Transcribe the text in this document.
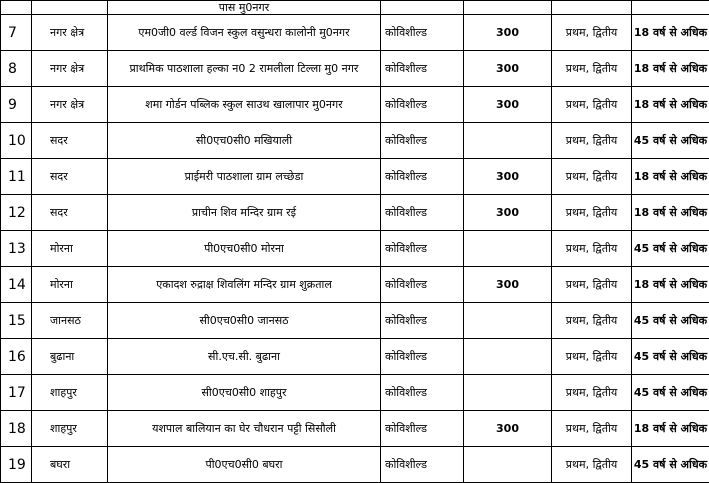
		पास मु0नगर				
7	नगर क्षेत्र	एम0जी0 वर्ल्ड विजन स्कुल वसुन्धरा कालोनी मु0नगर	कोविशील्ड	300	प्रथम, द्वितीय	18 वर्ष से अधिक
8	नगर क्षेत्र	प्राथमिक पाठशाला हल्का न0 2 रामलीला टिल्ला मु0 नगर	कोविशील्ड	300	प्रथम, द्वितीय	18 वर्ष से अधिक
9	नगर क्षेत्र	शमा गोर्डन पब्लिक स्कुल साउथ खालापार मु0नगर	कोविशील्ड	300	प्रथम, द्वितीय	18 वर्ष से अधिक
10	सदर	सी0एच0सी0 मखियाली	कोविशील्ड		प्रथम, द्वितीय	45 वर्ष से अधिक
11	सदर	प्राईमरी पाठशाला ग्राम लच्छेडा	कोविशील्ड	300	प्रथम, द्वितीय	18 वर्ष से अधिक
12	सदर	प्राचीन शिव मन्दिर ग्राम रई	कोविशील्ड	300	प्रथम, द्वितीय	18 वर्ष से अधिक
13	मोरना	पी0एच0सी0 मोरना	कोविशील्ड		प्रथम, द्वितीय	45 वर्ष से अधिक
14	मोरना	एकादश रुद्राक्ष शिवलिंग मन्दिर ग्राम शुक्रताल	कोविशील्ड	300	प्रथम, द्वितीय	18 वर्ष से अधिक
15	जानसठ	सी0एच0सी0 जानसठ	कोविशील्ड		प्रथम, द्वितीय	45 वर्ष से अधिक
16	बुढाना	सी.एच.सी. बुढाना	कोविशील्ड		प्रथम, द्वितीय	45 वर्ष से अधिक
17	शाहपुर	सी0एच0सी0 शाहपुर	कोविशील्ड		प्रथम, द्वितीय	45 वर्ष से अधिक
18	शाहपुर	यशपाल बालियान का घेर चौधरान पट्टी सिसौली	कोविशील्ड	300	प्रथम, द्वितीय	18 वर्ष से अधिक
19	बघरा	पी0एच0सी0 बघरा	कोविशील्ड		प्रथम, द्वितीय	45 वर्ष से अधिक
